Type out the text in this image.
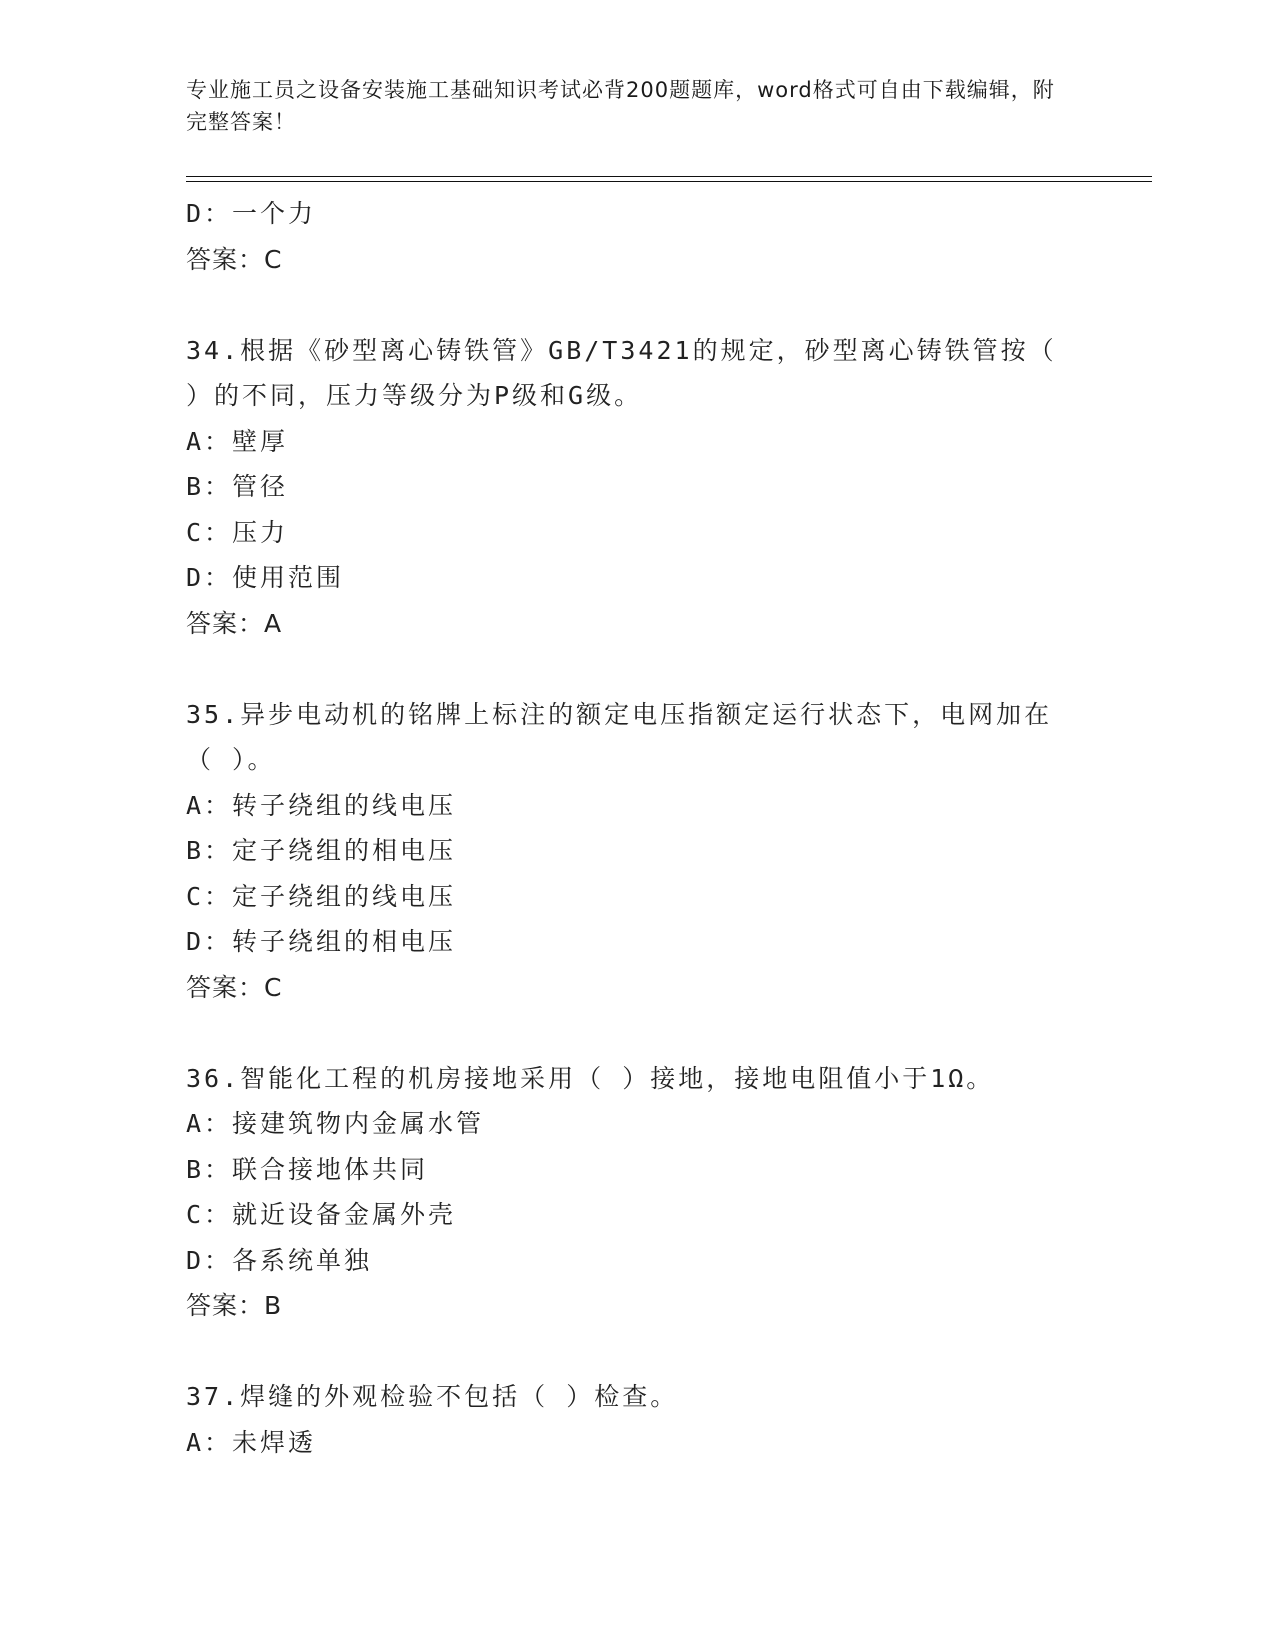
专业施工员之设备安装施工基础知识考试必背200题题库，word格式可自由下载编辑，附完整答案！
D：一个力
答案：C
34.根据《砂型离心铸铁管》GB/T3421的规定，砂型离心铸铁管按（ ）的不同，压力等级分为P级和G级。
A：壁厚
B：管径
C：压力
D：使用范围
答案：A
35.异步电动机的铭牌上标注的额定电压指额定运行状态下，电网加在（ ）。
A：转子绕组的线电压
B：定子绕组的相电压
C：定子绕组的线电压
D：转子绕组的相电压
答案：C
36.智能化工程的机房接地采用（ ）接地，接地电阻值小于1Ω。
A：接建筑物内金属水管
B：联合接地体共同
C：就近设备金属外壳
D：各系统单独
答案：B
37.焊缝的外观检验不包括（ ）检查。
A：未焊透
